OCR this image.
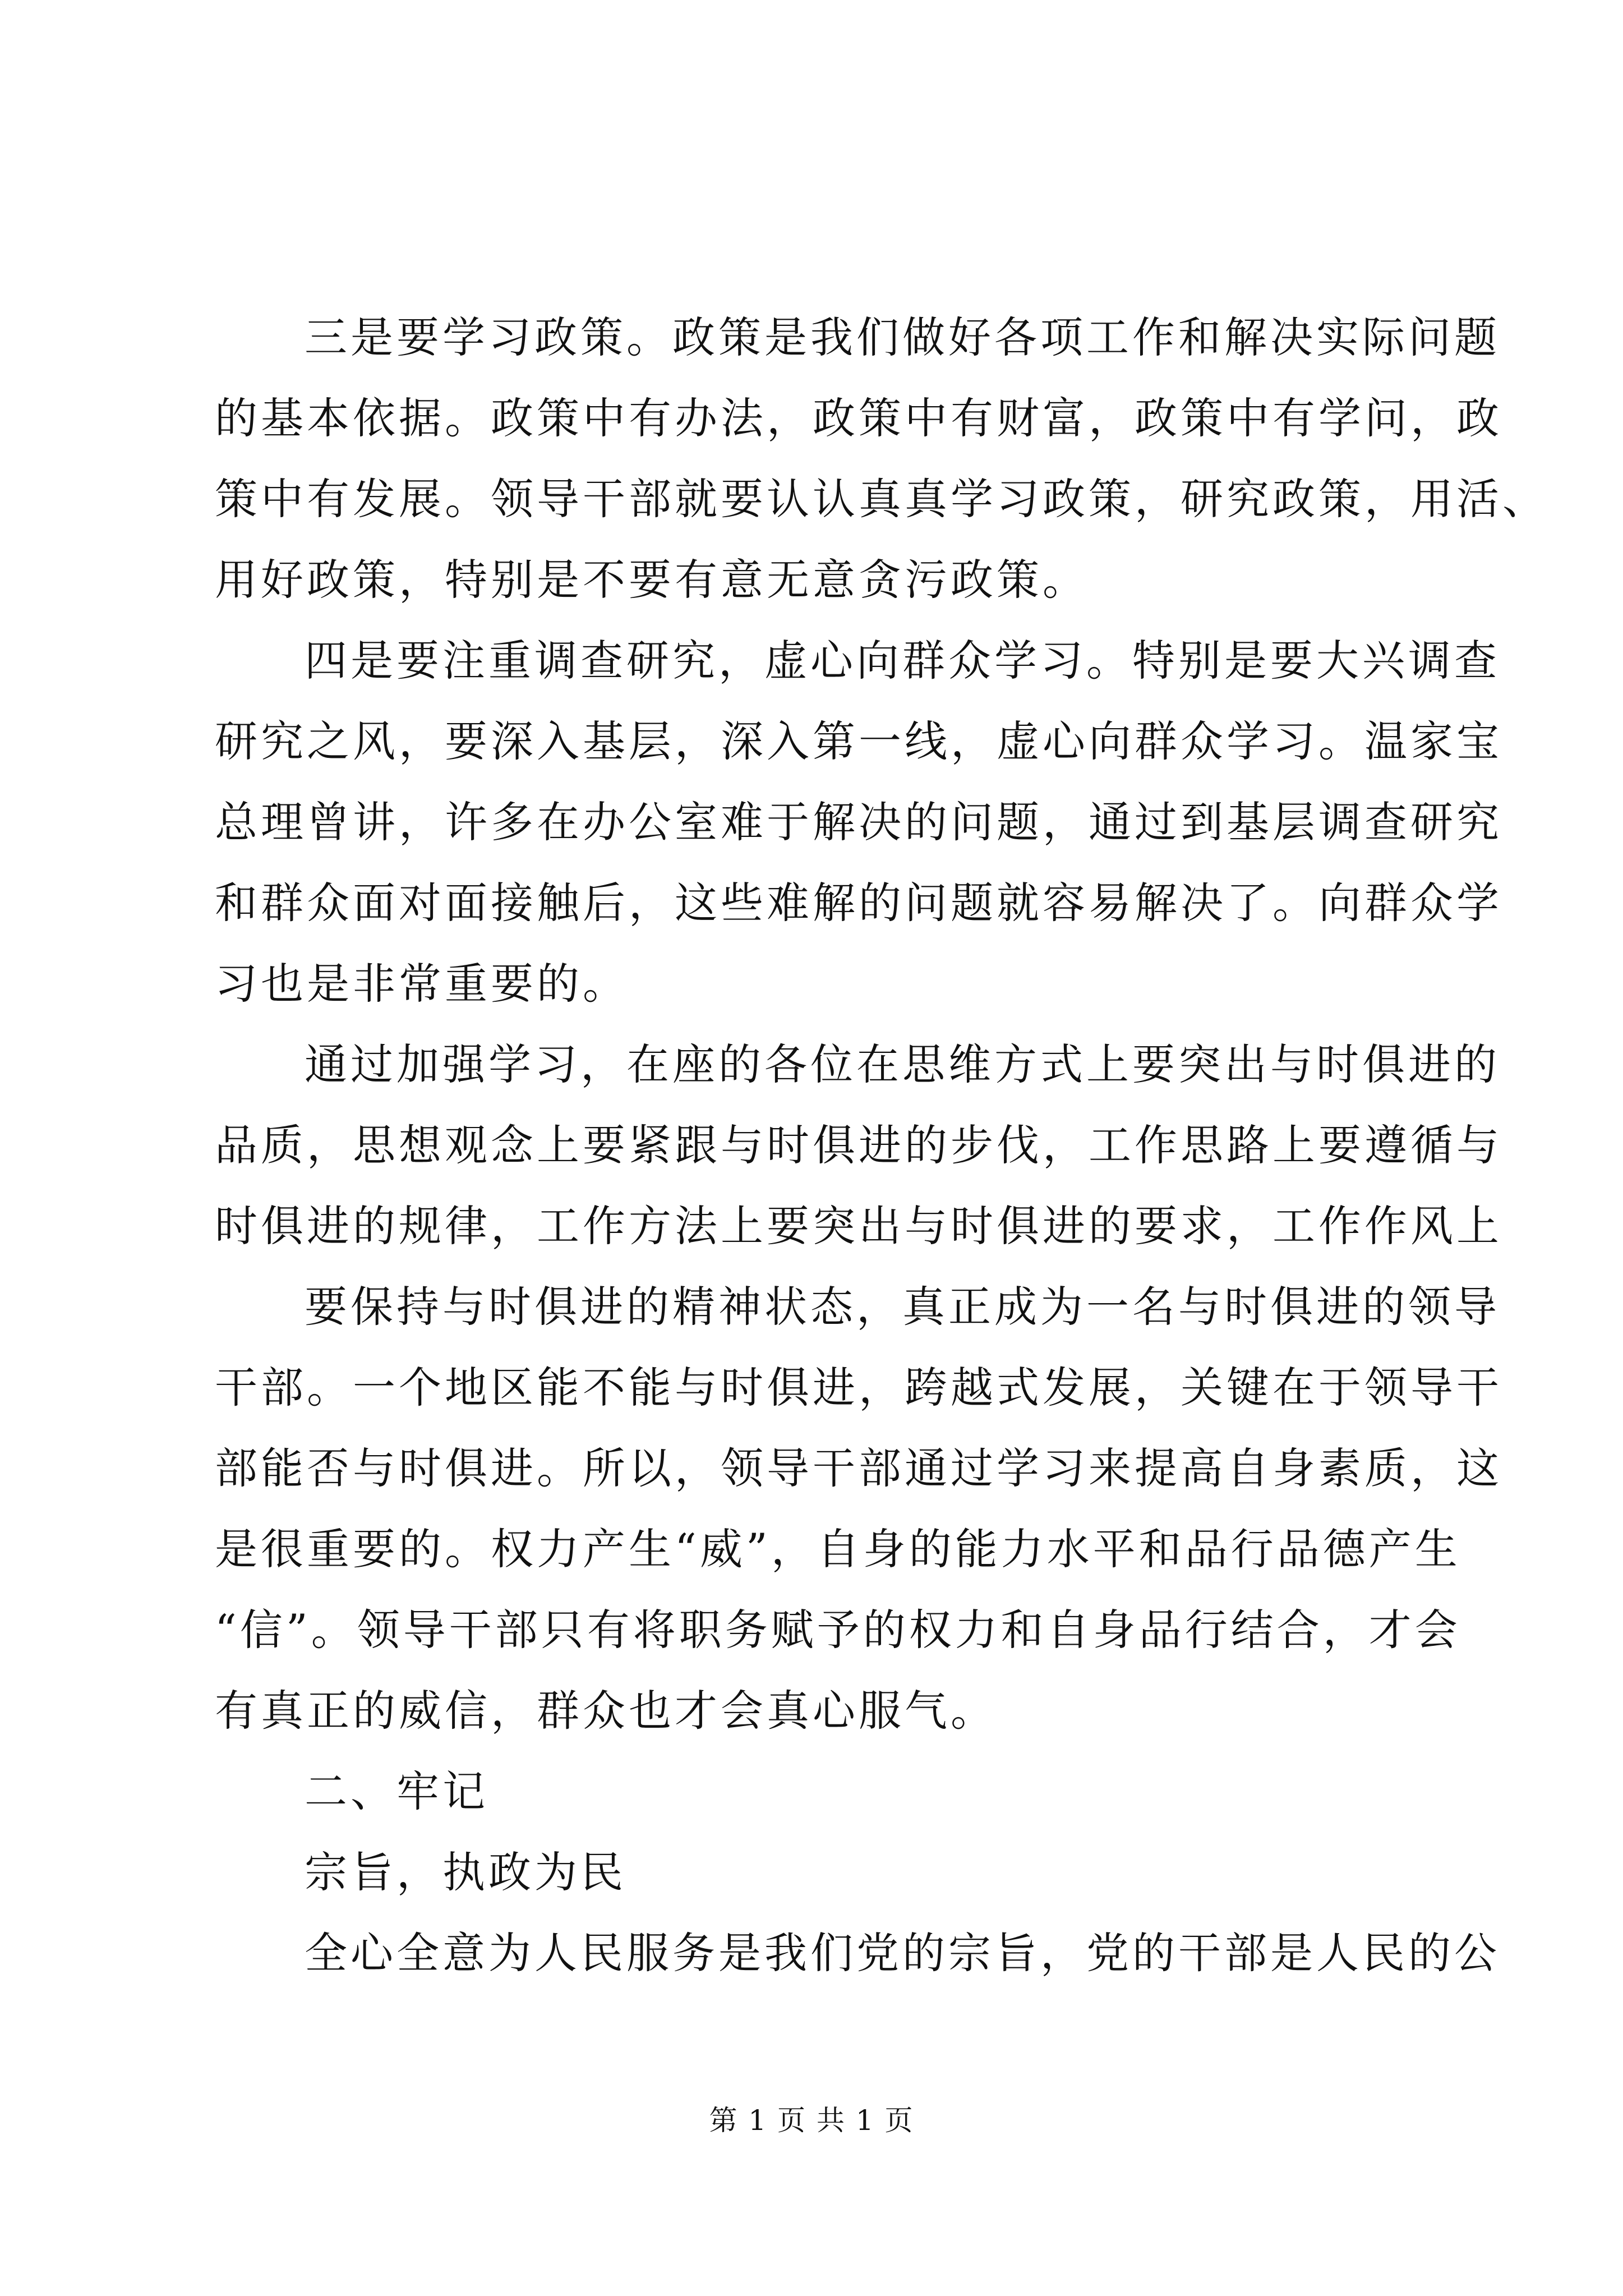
三是要学习政策。政策是我们做好各项工作和解决实际问题
的基本依据。政策中有办法，政策中有财富，政策中有学问，政
策中有发展。领导干部就要认认真真学习政策，研究政策，用活、
用好政策，特别是不要有意无意贪污政策。
四是要注重调查研究，虚心向群众学习。特别是要大兴调查
研究之风，要深入基层，深入第一线，虚心向群众学习。温家宝
总理曾讲，许多在办公室难于解决的问题，通过到基层调查研究
和群众面对面接触后，这些难解的问题就容易解决了。向群众学
习也是非常重要的。
通过加强学习，在座的各位在思维方式上要突出与时俱进的
品质，思想观念上要紧跟与时俱进的步伐，工作思路上要遵循与
时俱进的规律，工作方法上要突出与时俱进的要求，工作作风上
要保持与时俱进的精神状态，真正成为一名与时俱进的领导
干部。一个地区能不能与时俱进，跨越式发展，关键在于领导干
部能否与时俱进。所以，领导干部通过学习来提高自身素质，这
是很重要的。权力产生“威”，自身的能力水平和品行品德产生
“信”。领导干部只有将职务赋予的权力和自身品行结合，才会
有真正的威信，群众也才会真心服气。
二、牢记
宗旨，执政为民
全心全意为人民服务是我们党的宗旨，党的干部是人民的公
第 1 页 共 1 页
